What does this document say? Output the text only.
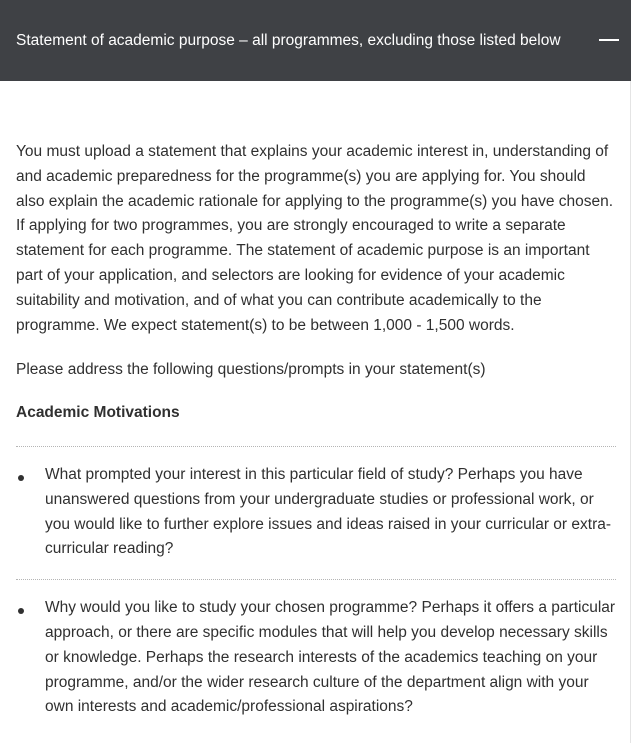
Statement of academic purpose – all programmes, excluding those listed below

You must upload a statement that explains your academic interest in, understanding of and academic preparedness for the programme(s) you are applying for. You should also explain the academic rationale for applying to the programme(s) you have chosen. If applying for two programmes, you are strongly encouraged to write a separate statement for each programme. The statement of academic purpose is an important part of your application, and selectors are looking for evidence of your academic suitability and motivation, and of what you can contribute academically to the programme. We expect statement(s) to be between 1,000 - 1,500 words.

Please address the following questions/prompts in your statement(s)

Academic Motivations

What prompted your interest in this particular field of study? Perhaps you have unanswered questions from your undergraduate studies or professional work, or you would like to further explore issues and ideas raised in your curricular or extra-curricular reading?
Why would you like to study your chosen programme? Perhaps it offers a particular approach, or there are specific modules that will help you develop necessary skills or knowledge. Perhaps the research interests of the academics teaching on your programme, and/or the wider research culture of the department align with your own interests and academic/professional aspirations?
